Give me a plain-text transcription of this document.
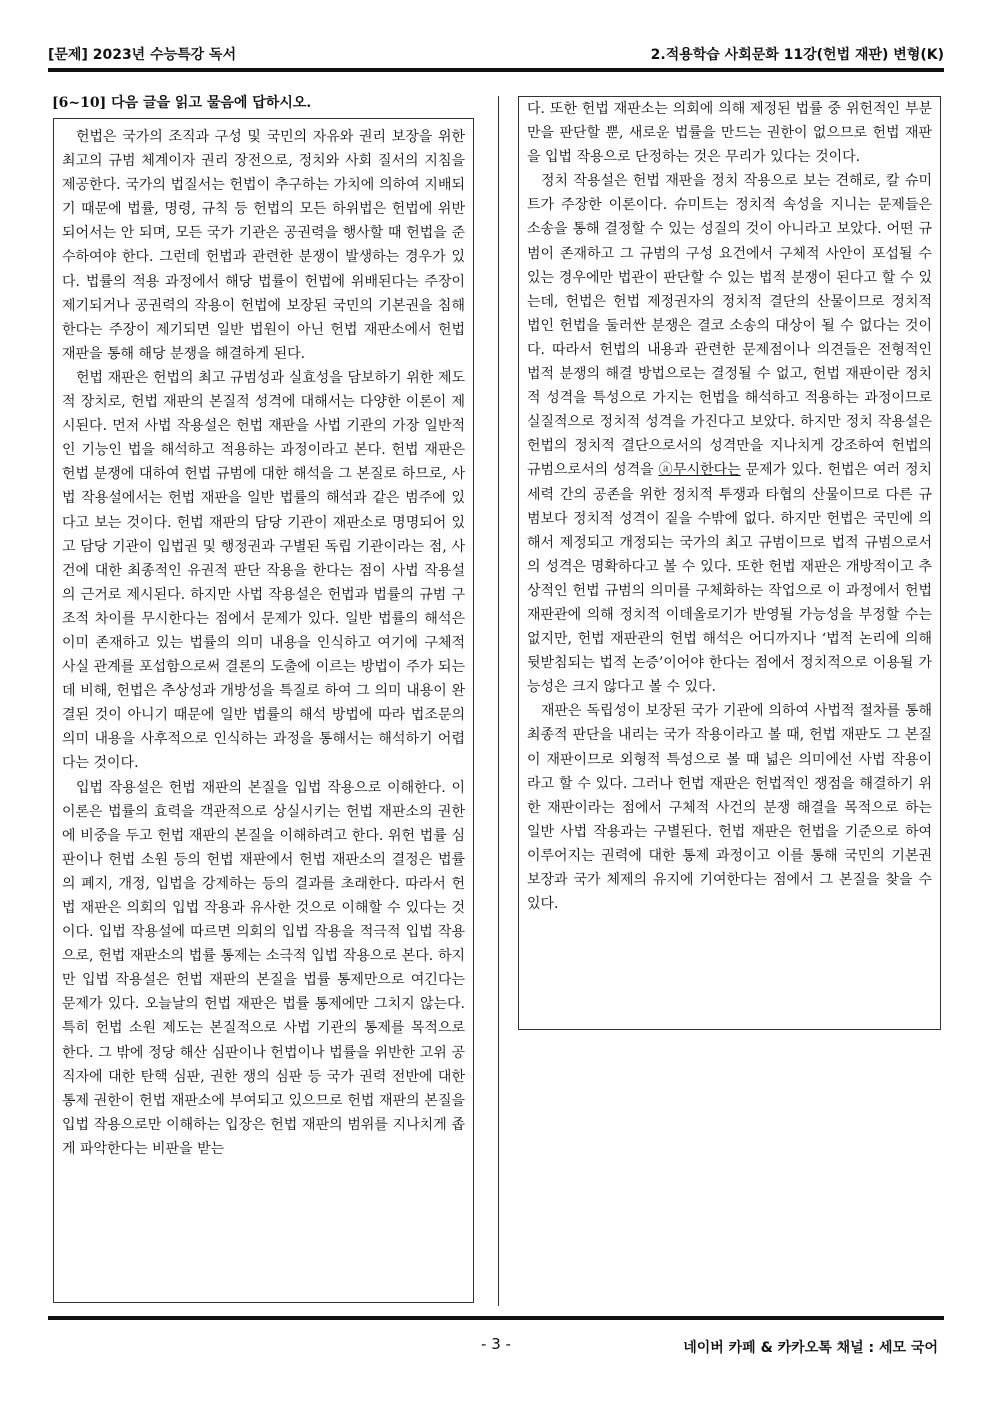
[문제] 2023년 수능특강 독서	2.적용학습 사회문화 11강(헌법 재판) 변형(K)
[6~10] 다음 글을 읽고 물음에 답하시오.

헌법은 국가의 조직과 구성 및 국민의 자유와 권리 보장을 위한 최고의 규범 체계이자 권리 장전으로, 정치와 사회 질서의 지침을 제공한다. 국가의 법질서는 헌법이 추구하는 가치에 의하여 지배되기 때문에 법률, 명령, 규칙 등 헌법의 모든 하위법은 헌법에 위반되어서는 안 되며, 모든 국가 기관은 공권력을 행사할 때 헌법을 준수하여야 한다. 그런데 헌법과 관련한 분쟁이 발생하는 경우가 있다. 법률의 적용 과정에서 해당 법률이 헌법에 위배된다는 주장이 제기되거나 공권력의 작용이 헌법에 보장된 국민의 기본권을 침해한다는 주장이 제기되면 일반 법원이 아닌 헌법 재판소에서 헌법 재판을 통해 해당 분쟁을 해결하게 된다.

헌법 재판은 헌법의 최고 규범성과 실효성을 담보하기 위한 제도적 장치로, 헌법 재판의 본질적 성격에 대해서는 다양한 이론이 제시된다. 먼저 사법 작용설은 헌법 재판을 사법 기관의 가장 일반적인 기능인 법을 해석하고 적용하는 과정이라고 본다. 헌법 재판은 헌법 분쟁에 대하여 헌법 규범에 대한 해석을 그 본질로 하므로, 사법 작용설에서는 헌법 재판을 일반 법률의 해석과 같은 범주에 있다고 보는 것이다. 헌법 재판의 담당 기관이 재판소로 명명되어 있고 담당 기관이 입법권 및 행정권과 구별된 독립 기관이라는 점, 사건에 대한 최종적인 유권적 판단 작용을 한다는 점이 사법 작용설의 근거로 제시된다. 하지만 사법 작용설은 헌법과 법률의 규범 구조적 차이를 무시한다는 점에서 문제가 있다. 일반 법률의 해석은 이미 존재하고 있는 법률의 의미 내용을 인식하고 여기에 구체적 사실 관계를 포섭함으로써 결론의 도출에 이르는 방법이 주가 되는 데 비해, 헌법은 추상성과 개방성을 특질로 하여 그 의미 내용이 완결된 것이 아니기 때문에 일반 법률의 해석 방법에 따라 법조문의 의미 내용을 사후적으로 인식하는 과정을 통해서는 해석하기 어렵다는 것이다.

입법 작용설은 헌법 재판의 본질을 입법 작용으로 이해한다. 이 이론은 법률의 효력을 객관적으로 상실시키는 헌법 재판소의 권한에 비중을 두고 헌법 재판의 본질을 이해하려고 한다. 위헌 법률 심판이나 헌법 소원 등의 헌법 재판에서 헌법 재판소의 결정은 법률의 폐지, 개정, 입법을 강제하는 등의 결과를 초래한다. 따라서 헌법 재판은 의회의 입법 작용과 유사한 것으로 이해할 수 있다는 것이다. 입법 작용설에 따르면 의회의 입법 작용을 적극적 입법 작용으로, 헌법 재판소의 법률 통제는 소극적 입법 작용으로 본다. 하지만 입법 작용설은 헌법 재판의 본질을 법률 통제만으로 여긴다는 문제가 있다. 오늘날의 헌법 재판은 법률 통제에만 그치지 않는다. 특히 헌법 소원 제도는 본질적으로 사법 기관의 통제를 목적으로 한다. 그 밖에 정당 해산 심판이나 헌법이나 법률을 위반한 고위 공직자에 대한 탄핵 심판, 권한 쟁의 심판 등 국가 권력 전반에 대한 통제 권한이 헌법 재판소에 부여되고 있으므로 헌법 재판의 본질을 입법 작용으로만 이해하는 입장은 헌법 재판의 범위를 지나치게 좁게 파악한다는 비판을 받는

다. 또한 헌법 재판소는 의회에 의해 제정된 법률 중 위헌적인 부분만을 판단할 뿐, 새로운 법률을 만드는 권한이 없으므로 헌법 재판을 입법 작용으로 단정하는 것은 무리가 있다는 것이다.

정치 작용설은 헌법 재판을 정치 작용으로 보는 견해로, 칼 슈미트가 주장한 이론이다. 슈미트는 정치적 속성을 지니는 문제들은 소송을 통해 결정할 수 있는 성질의 것이 아니라고 보았다. 어떤 규범이 존재하고 그 규범의 구성 요건에서 구체적 사안이 포섭될 수 있는 경우에만 법관이 판단할 수 있는 법적 분쟁이 된다고 할 수 있는데, 헌법은 헌법 제정권자의 정치적 결단의 산물이므로 정치적 법인 헌법을 둘러싼 분쟁은 결코 소송의 대상이 될 수 없다는 것이다. 따라서 헌법의 내용과 관련한 문제점이나 의견들은 전형적인 법적 분쟁의 해결 방법으로는 결정될 수 없고, 헌법 재판이란 정치적 성격을 특성으로 가지는 헌법을 해석하고 적용하는 과정이므로 실질적으로 정치적 성격을 가진다고 보았다. 하지만 정치 작용설은 헌법의 정치적 결단으로서의 성격만을 지나치게 강조하여 헌법의 규범으로서의 성격을 ⓐ무시한다는 문제가 있다. 헌법은 여러 정치 세력 간의 공존을 위한 정치적 투쟁과 타협의 산물이므로 다른 규범보다 정치적 성격이 짙을 수밖에 없다. 하지만 헌법은 국민에 의해서 제정되고 개정되는 국가의 최고 규범이므로 법적 규범으로서의 성격은 명확하다고 볼 수 있다. 또한 헌법 재판은 개방적이고 추상적인 헌법 규범의 의미를 구체화하는 작업으로 이 과정에서 헌법 재판관에 의해 정치적 이데올로기가 반영될 가능성을 부정할 수는 없지만, 헌법 재판관의 헌법 해석은 어디까지나 ‘법적 논리에 의해 뒷받침되는 법적 논증’이어야 한다는 점에서 정치적으로 이용될 가능성은 크지 않다고 볼 수 있다.

재판은 독립성이 보장된 국가 기관에 의하여 사법적 절차를 통해 최종적 판단을 내리는 국가 작용이라고 볼 때, 헌법 재판도 그 본질이 재판이므로 외형적 특성으로 볼 때 넓은 의미에선 사법 작용이라고 할 수 있다. 그러나 헌법 재판은 헌법적인 쟁점을 해결하기 위한 재판이라는 점에서 구체적 사건의 분쟁 해결을 목적으로 하는 일반 사법 작용과는 구별된다. 헌법 재판은 헌법을 기준으로 하여 이루어지는 권력에 대한 통제 과정이고 이를 통해 국민의 기본권 보장과 국가 체제의 유지에 기여한다는 점에서 그 본질을 찾을 수 있다.

- 3 -	네이버 카페 & 카카오톡 채널 : 세모 국어
